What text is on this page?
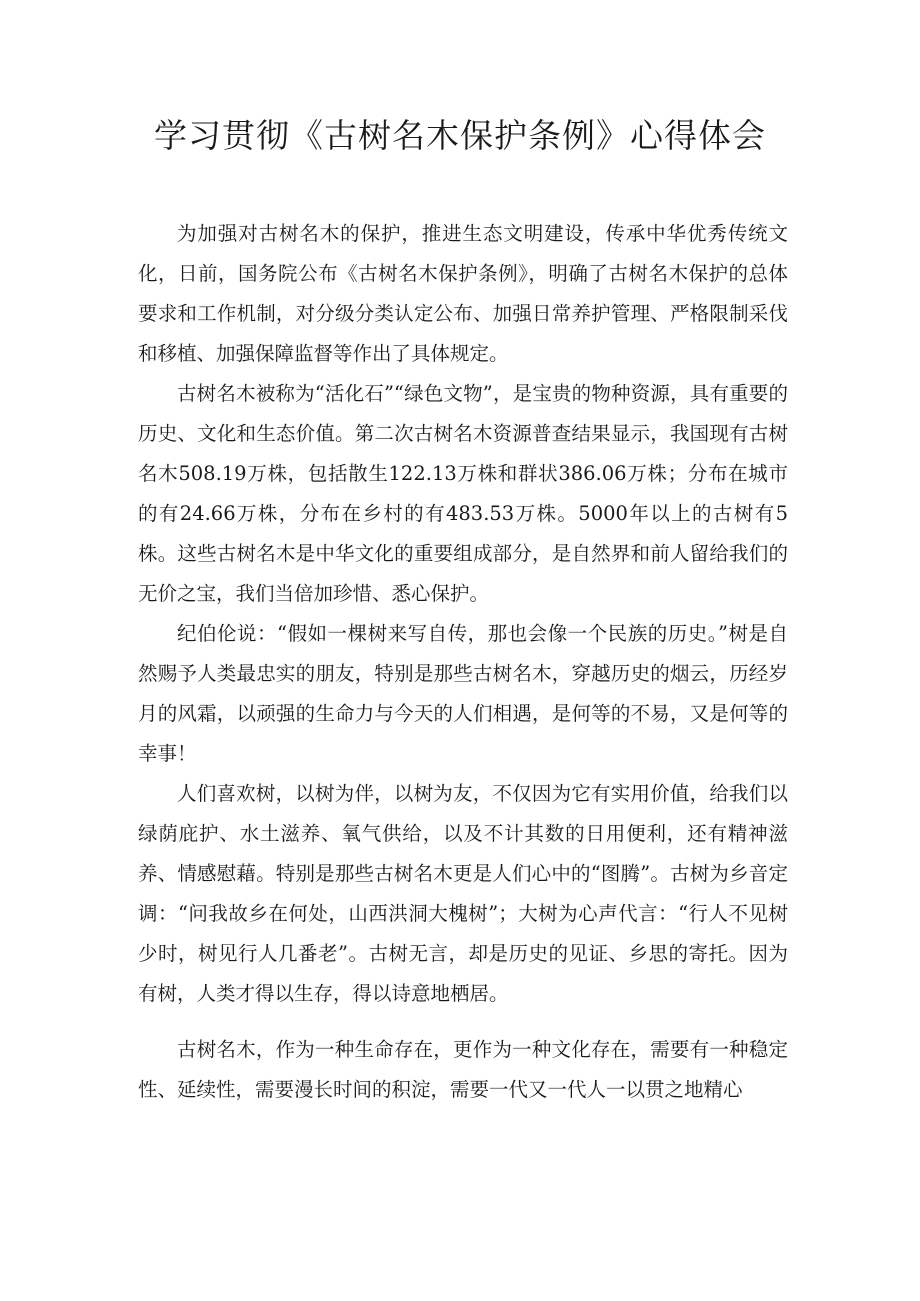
学习贯彻《古树名木保护条例》心得体会

为加强对古树名木的保护，推进生态文明建设，传承中华优秀传统文化，日前，国务院公布《古树名木保护条例》，明确了古树名木保护的总体要求和工作机制，对分级分类认定公布、加强日常养护管理、严格限制采伐和移植、加强保障监督等作出了具体规定。

古树名木被称为“活化石”“绿色文物”，是宝贵的物种资源，具有重要的历史、文化和生态价值。第二次古树名木资源普查结果显示，我国现有古树名木508.19万株，包括散生122.13万株和群状386.06万株；分布在城市的有24.66万株，分布在乡村的有483.53万株。5000年以上的古树有5株。这些古树名木是中华文化的重要组成部分，是自然界和前人留给我们的无价之宝，我们当倍加珍惜、悉心保护。

纪伯伦说：“假如一棵树来写自传，那也会像一个民族的历史。”树是自然赐予人类最忠实的朋友，特别是那些古树名木，穿越历史的烟云，历经岁月的风霜，以顽强的生命力与今天的人们相遇，是何等的不易，又是何等的幸事！

人们喜欢树，以树为伴，以树为友，不仅因为它有实用价值，给我们以绿荫庇护、水土滋养、氧气供给，以及不计其数的日用便利，还有精神滋养、情感慰藉。特别是那些古树名木更是人们心中的“图腾”。古树为乡音定调：“问我故乡在何处，山西洪洞大槐树”；大树为心声代言：“行人不见树少时，树见行人几番老”。古树无言，却是历史的见证、乡思的寄托。因为有树，人类才得以生存，得以诗意地栖居。

古树名木，作为一种生命存在，更作为一种文化存在，需要有一种稳定性、延续性，需要漫长时间的积淀，需要一代又一代人一以贯之地精心
